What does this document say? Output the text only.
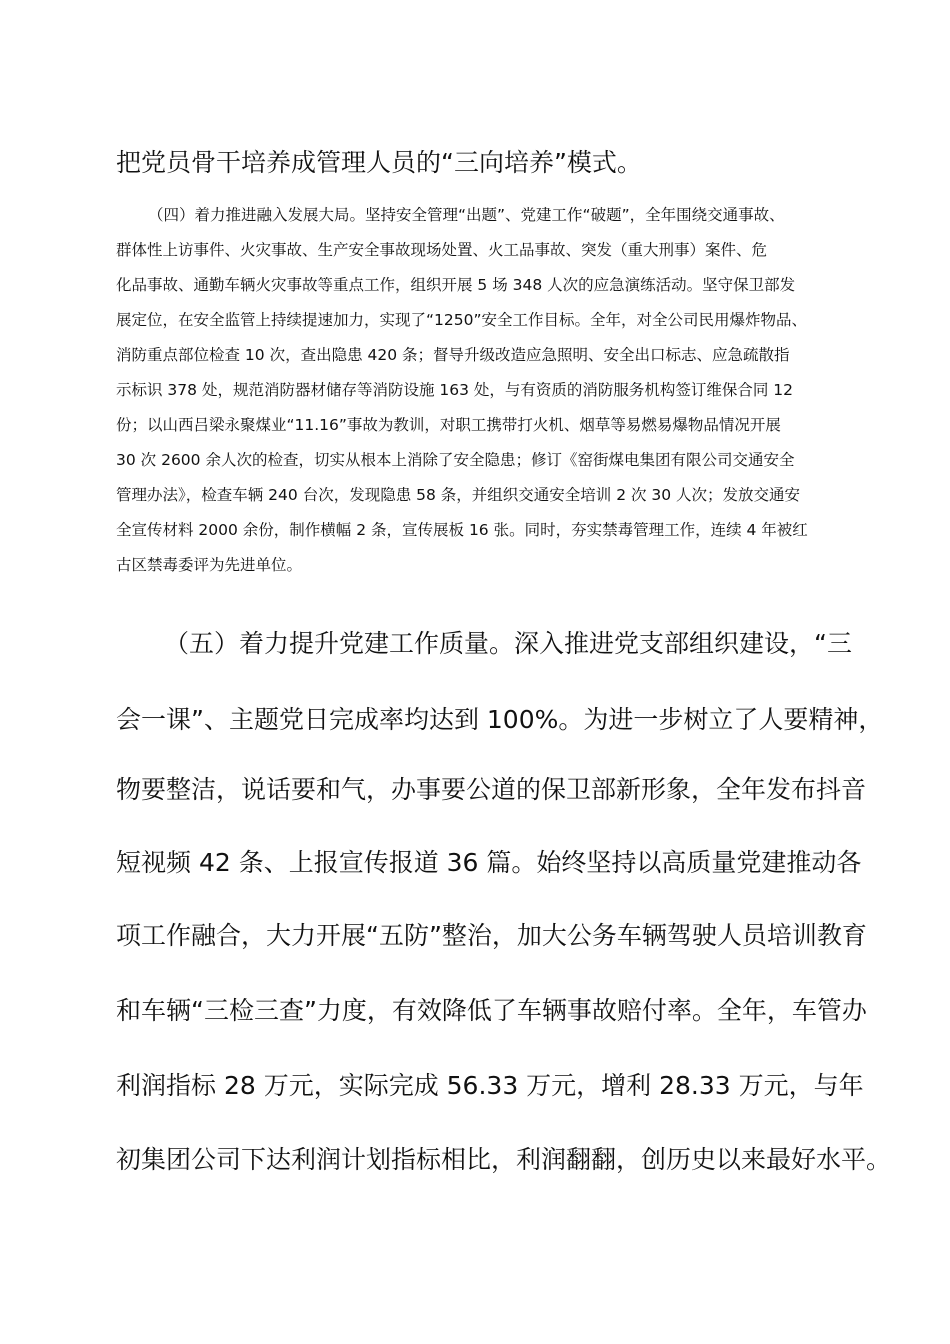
把党员骨干培养成管理人员的“三向培养”模式。
（四）着力推进融入发展大局。坚持安全管理“出题”、党建工作“破题”，全年围绕交通事故、
群体性上访事件、火灾事故、生产安全事故现场处置、火工品事故、突发（重大刑事）案件、危
化品事故、通勤车辆火灾事故等重点工作，组织开展 5 场 348 人次的应急演练活动。坚守保卫部发
展定位，在安全监管上持续提速加力，实现了“1250”安全工作目标。全年，对全公司民用爆炸物品、
消防重点部位检查 10 次，查出隐患 420 条；督导升级改造应急照明、安全出口标志、应急疏散指
示标识 378 处，规范消防器材储存等消防设施 163 处，与有资质的消防服务机构签订维保合同 12
份；以山西吕梁永聚煤业“11.16”事故为教训，对职工携带打火机、烟草等易燃易爆物品情况开展
30 次 2600 余人次的检查，切实从根本上消除了安全隐患；修订《窑街煤电集团有限公司交通安全
管理办法》，检查车辆 240 台次，发现隐患 58 条，并组织交通安全培训 2 次 30 人次；发放交通安
全宣传材料 2000 余份，制作横幅 2 条，宣传展板 16 张。同时，夯实禁毒管理工作，连续 4 年被红
古区禁毒委评为先进单位。
（五）着力提升党建工作质量。深入推进党支部组织建设，“三
会一课”、主题党日完成率均达到 100%。为进一步树立了人要精神，
物要整洁，说话要和气，办事要公道的保卫部新形象，全年发布抖音
短视频 42 条、上报宣传报道 36 篇。始终坚持以高质量党建推动各
项工作融合，大力开展“五防”整治，加大公务车辆驾驶人员培训教育
和车辆“三检三查”力度，有效降低了车辆事故赔付率。全年，车管办
利润指标 28 万元，实际完成 56.33 万元，增利 28.33 万元，与年
初集团公司下达利润计划指标相比，利润翻翻，创历史以来最好水平。
